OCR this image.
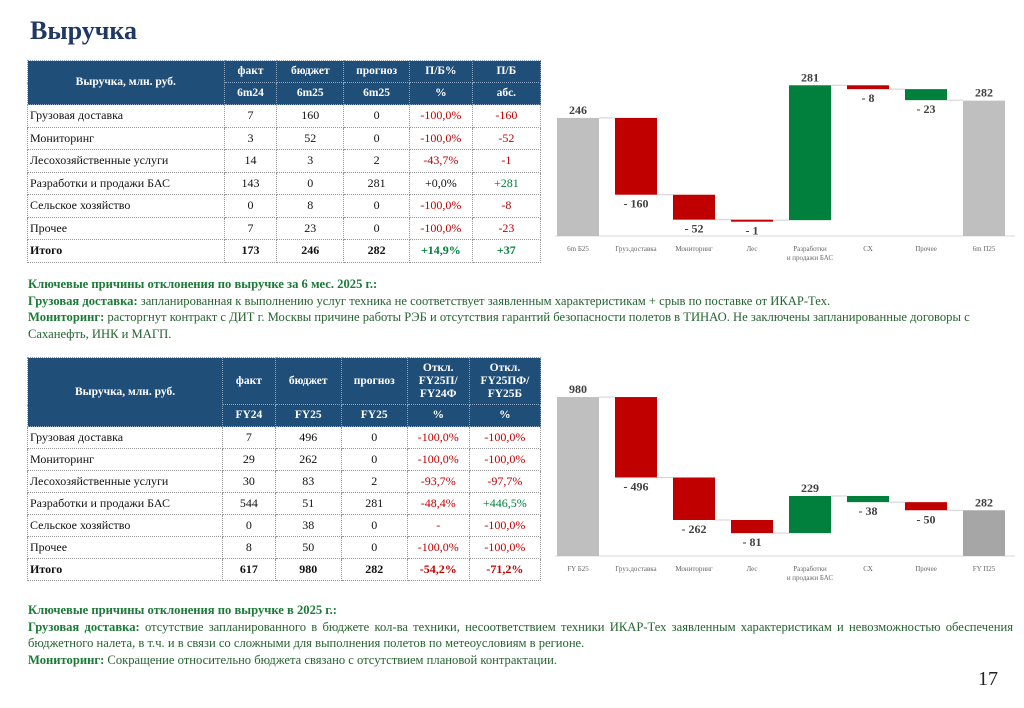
Выручка
Выручка, млн. руб.	факт	бюджет	прогноз	П/Б%	П/Б
	6m24	6m25	6m25	%	абс.
Грузовая доставка	7	160	0	-100,0%	-160
Мониторинг	3	52	0	-100,0%	-52
Лесохозяйственные услуги	14	3	2	-43,7%	-1
Разработки и продажи БАС	143	0	281	+0,0%	+281
Сельское хозяйство	0	8	0	-100,0%	-8
Прочее	7	23	0	-100,0%	-23
Итого	173	246	282	+14,9%	+37
Ключевые причины отклонения по выручке за 6 мес. 2025 г.:
Грузовая доставка: запланированная к выполнению услуг техника не соответствует заявленным характеристикам + срыв по поставке от ИКАР-Тех.
Мониторинг: расторгнут контракт с ДИТ г. Москвы причине работы РЭБ и отсутствия гарантий безопасности полетов в ТИНАО. Не заключены запланированные договоры с Саханефть, ИНК и МАГП.
Выручка, млн. руб.	факт	бюджет	прогноз	Откл. FY25П/ FY24Ф	Откл. FY25ПФ/ FY25Б
	FY24	FY25	FY25	%	%
Грузовая доставка	7	496	0	-100,0%	-100,0%
Мониторинг	29	262	0	-100,0%	-100,0%
Лесохозяйственные услуги	30	83	2	-93,7%	-97,7%
Разработки и продажи БАС	544	51	281	-48,4%	+446,5%
Сельское хозяйство	0	38	0	-	-100,0%
Прочее	8	50	0	-100,0%	-100,0%
Итого	617	980	282	-54,2%	-71,2%
Ключевые причины отклонения по выручке в 2025 г.:
Грузовая доставка: отсутствие запланированного в бюджете кол-ва техники, несоответствием техники ИКАР-Тех заявленным характеристикам и невозможностью обеспечения бюджетного налета, в т.ч. и в связи со сложными для выполнения полетов по метеоусловиям в регионе.
Мониторинг: Сокращение относительно бюджета связано с отсутствием плановой контрактации.
246
6m Б25
- 160
Груз.доставка
- 52
Мониторинг
- 1
Лес
281
Разработки
и продажи БАС
- 8
СХ
- 23
Прочее
282
6m П25
980
FY Б25
- 496
Груз.доставка
- 262
Мониторинг
- 81
Лес
229
Разработки
и продажи БАС
- 38
СХ
- 50
Прочее
282
FY П25
17
